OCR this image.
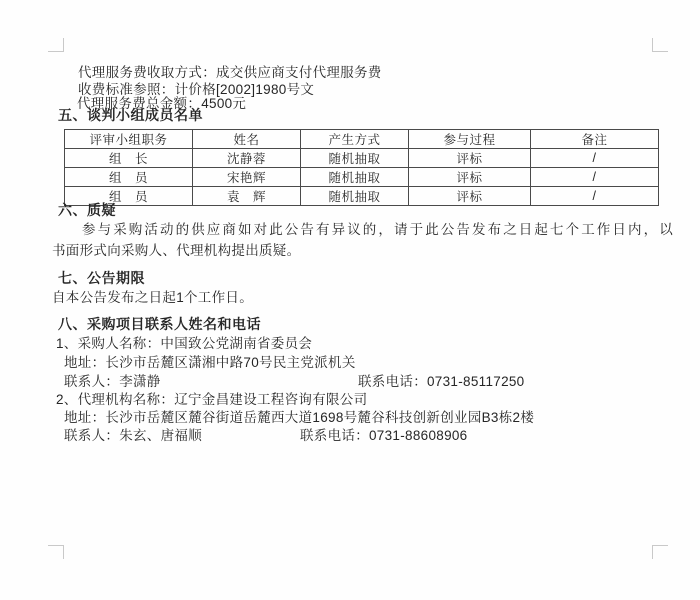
代理服务费收取方式：成交供应商支付代理服务费
收费标准参照：计价格[2002]1980号文
代理服务费总金额：4500元
五、谈判小组成员名单
评审小组职务	姓名	产生方式	参与过程	备注
组　长	沈静蓉	随机抽取	评标	/
组　员	宋艳辉	随机抽取	评标	/
组　员	袁　辉	随机抽取	评标	/
六、质疑
参与采购活动的供应商如对此公告有异议的，请于此公告发布之日起七个工作日内，以
书面形式向采购人、代理机构提出质疑。
七、公告期限
自本公告发布之日起1个工作日。
八、采购项目联系人姓名和电话
1、采购人名称：中国致公党湖南省委员会
地址：长沙市岳麓区潇湘中路70号民主党派机关
联系人：李潇静	联系电话：0731-85117250
2、代理机构名称：辽宁金昌建设工程咨询有限公司
地址：长沙市岳麓区麓谷街道岳麓西大道1698号麓谷科技创新创业园B3栋2楼
联系人：朱玄、唐福顺	联系电话：0731-88608906
